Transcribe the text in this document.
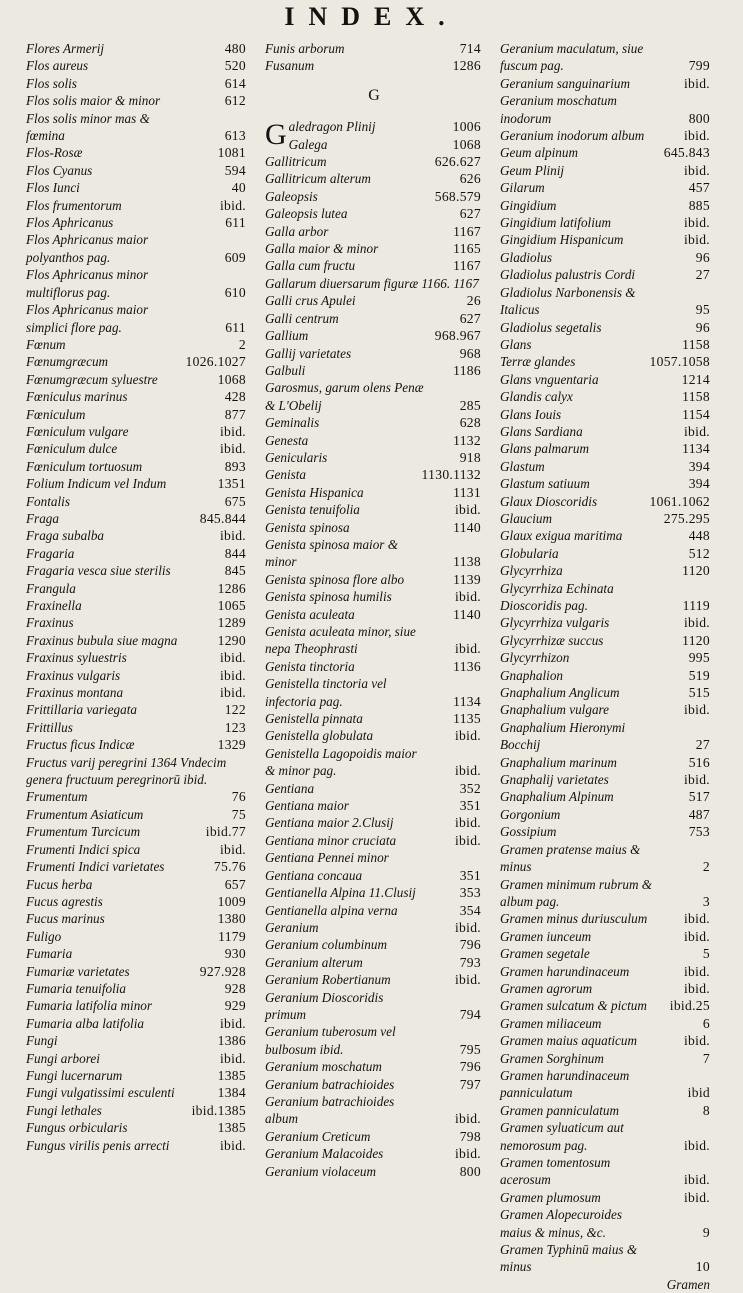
INDEX.
Flores Armerij	480
Flos aureus	520
Flos solis	614
Flos solis maior & minor	612
Flos solis minor mas & fœmina	613
Flos-Rosæ	1081
Flos Cyanus	594
Flos Iunci	40
Flos frumentorum	ibid.
Flos Aphricanus	611
Flos Aphricanus maior polyanthos pag.	609
Flos Aphricanus minor multiflorus pag.	610
Flos Aphricanus maior simplici flore pag.	611
Fœnum	2
Fœnumgræcum	1026.1027
Fœnumgræcum syluestre	1068
Fœniculus marinus	428
Fœniculum	877
Fœniculum vulgare	ibid.
Fœniculum dulce	ibid.
Fœniculum tortuosum	893
Folium Indicum vel Indum	1351
Fontalis	675
Fraga	845.844
Fraga subalba	ibid.
Fragaria	844
Fragaria vesca siue sterilis	845
Frangula	1286
Fraxinella	1065
Fraxinus	1289
Fraxinus bubula siue magna	1290
Fraxinus syluestris	ibid.
Fraxinus vulgaris	ibid.
Fraxinus montana	ibid.
Frittillaria variegata	122
Frittillus	123
Fructus ficus Indicæ	1329
Fructus varij peregrini 1364 Vndecim genera fructuum peregrinorū ibid.
Frumentum	76
Frumentum Asiaticum	75
Frumentum Turcicum	ibid.77
Frumenti Indici spica	ibid.
Frumenti Indici varietates	75.76
Fucus herba	657
Fucus agrestis	1009
Fucus marinus	1380
Fuligo	1179
Fumaria	930
Fumariæ varietates	927.928
Fumaria tenuifolia	928
Fumaria latifolia minor	929
Fumaria alba latifolia	ibid.
Fungi	1386
Fungi arborei	ibid.
Fungi lucernarum	1385
Fungi vulgatissimi esculenti	1384
Fungi lethales	ibid.1385
Fungus orbicularis	1385
Fungus virilis penis arrecti	ibid.
Funis arborum	714
Fusanum	1286
G
G aledragon Plinij	1006
Galega	1068
Gallitricum	626.627
Gallitricum alterum	626
Galeopsis	568.579
Galeopsis lutea	627
Galla arbor	1167
Galla maior & minor	1165
Galla cum fructu	1167
Gallarum diuersarum figuræ 1166. 1167
Galli crus Apulei	26
Galli centrum	627
Gallium	968.967
Gallij varietates	968
Galbuli	1186
Garosmus, garum olens Penæ & L'Obelij	285
Geminalis	628
Genesta	1132
Genicularis	918
Genista	1130.1132
Genista Hispanica	1131
Genista tenuifolia	ibid.
Genista spinosa	1140
Genista spinosa maior & minor	1138
Genista spinosa flore albo	1139
Genista spinosa humilis	ibid.
Genista aculeata	1140
Genista aculeata minor, siue nepa Theophrasti	ibid.
Genista tinctoria	1136
Genistella tinctoria vel infectoria pag.	1134
Genistella pinnata	1135
Genistella globulata	ibid.
Genistella Lagopoidis maior & minor pag.	ibid.
Gentiana	352
Gentiana maior	351
Gentiana maior 2.Clusij	ibid.
Gentiana minor cruciata	ibid.
Gentiana Pennei minor
Gentiana concaua	351
Gentianella Alpina 11.Clusij	353
Gentianella alpina verna	354
Geranium	ibid.
Geranium columbinum	796
Geranium alterum	793
Geranium Robertianum	ibid.
Geranium Dioscoridis primum	794
Geranium tuberosum vel bulbosum ibid.	795
Geranium moschatum	796
Geranium batrachioides	797
Geranium batrachioides album	ibid.
Geranium Creticum	798
Geranium Malacoides	ibid.
Geranium violaceum	800
Geranium maculatum, siue fuscum pag.	799
Geranium sanguinarium	ibid.
Geranium moschatum inodorum	800
Geranium inodorum album	ibid.
Geum alpinum	645.843
Geum Plinij	ibid.
Gilarum	457
Gingidium	885
Gingidium latifolium	ibid.
Gingidium Hispanicum	ibid.
Gladiolus	96
Gladiolus palustris Cordi	27
Gladiolus Narbonensis & Italicus	95
Gladiolus segetalis	96
Glans	1158
Terræ glandes	1057.1058
Glans vnguentaria	1214
Glandis calyx	1158
Glans Iouis	1154
Glans Sardiana	ibid.
Glans palmarum	1134
Glastum	394
Glastum satiuum	394
Glaux Dioscoridis	1061.1062
Glaucium	275.295
Glaux exigua maritima	448
Globularia	512
Glycyrrhiza	1120
Glycyrrhiza Echinata Dioscoridis pag.	1119
Glycyrrhiza vulgaris	ibid.
Glycyrrhizæ succus	1120
Glycyrrhizon	995
Gnaphalion	519
Gnaphalium Anglicum	515
Gnaphalium vulgare	ibid.
Gnaphalium Hieronymi Bocchij	27
Gnaphalium marinum	516
Gnaphalij varietates	ibid.
Gnaphalium Alpinum	517
Gorgonium	487
Gossipium	753
Gramen pratense maius & minus	2
Gramen minimum rubrum & album pag.	3
Gramen minus duriusculum	ibid.
Gramen iunceum	ibid.
Gramen segetale	5
Gramen harundinaceum	ibid.
Gramen agrorum	ibid.
Gramen sulcatum & pictum	ibid.25
Gramen miliaceum	6
Gramen maius aquaticum	ibid.
Gramen Sorghinum	7
Gramen harundinaceum panniculatum	ibid
Gramen panniculatum	8
Gramen syluaticum aut nemorosum pag.	ibid.
Gramen tomentosum acerosum	ibid.
Gramen plumosum	ibid.
Gramen Alopecuroides maius & minus, &c.	9
Gramen Typhinū maius & minus	10
Gramen
